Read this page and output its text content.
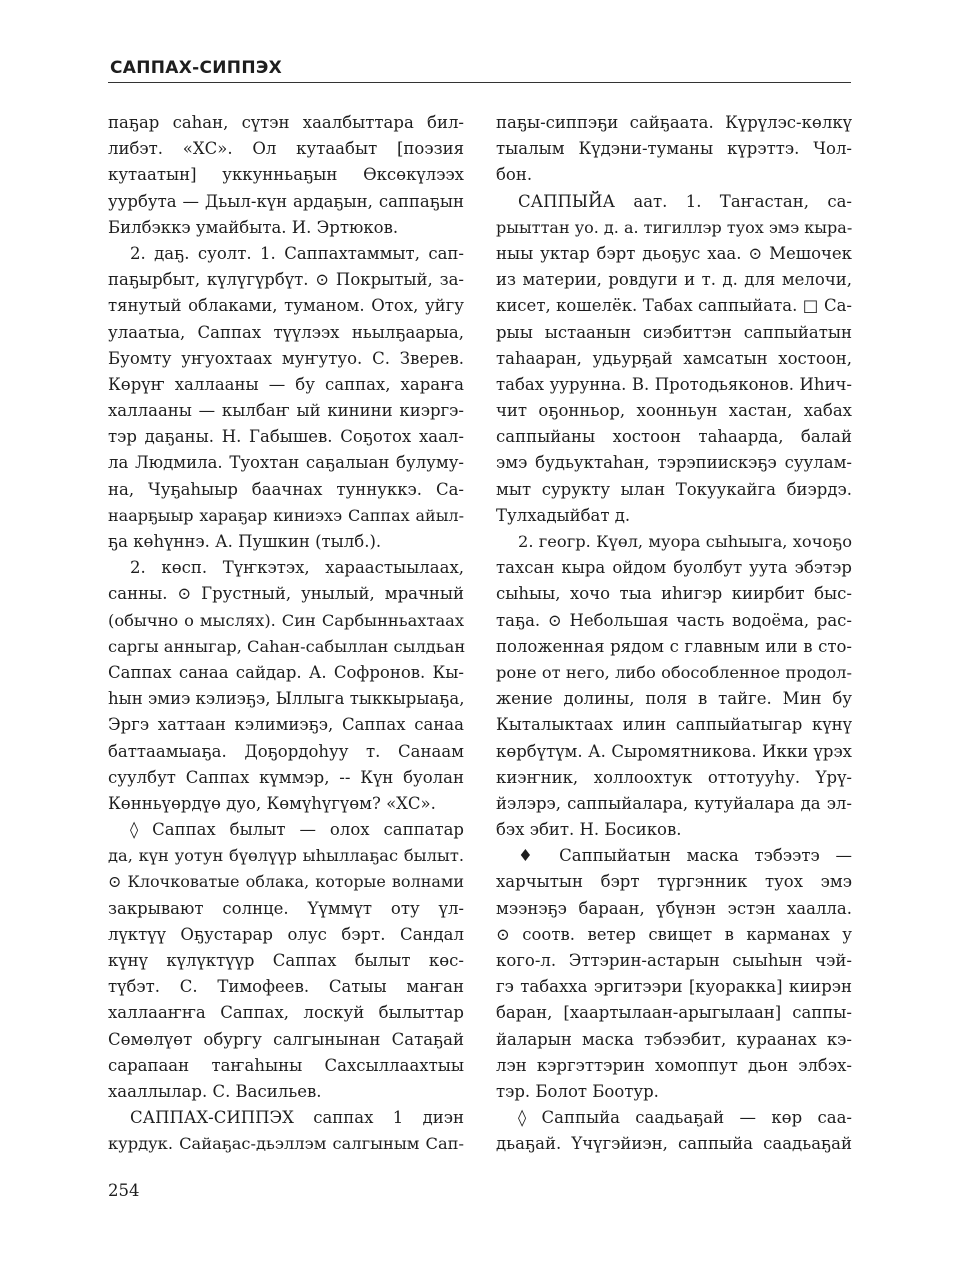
САППАХ-СИППЭХ
паҕар саһан, сүтэн хаалбыттара бил-
либэт. «ХС». Ол кутаабыт [поэзия
кутаатын] уккунньаҕын Өксөкүлээх
уурбута — Дьыл-күн ардаҕын, саппаҕын
Билбэккэ умайбыта. И. Эртюков.
2. даҕ. суолт. 1. Саппахтаммыт, сап-
паҕырбыт, күлүгүрбүт. ⊙ Покрытый, за-
тянутый облаками, туманом. Отох, уйгу
улаатыа, Саппах түүлээх ньылҕаарыа,
Буомту уҥуохтаах муҥутуо. С. Зверев.
Көрүҥ халлааны — бу саппах, хараҥа
халлааны — кылбаҥ ый кинини киэргэ-
тэр даҕаны. Н. Габышев. Соҕотох хаал-
ла Людмила. Туохтан саҕалыан булуму-
на, Чуҕаһыыр баачнах туннуккэ. Са-
наарҕыыр хараҕар киниэхэ Саппах айыл-
ҕа көһүннэ. А. Пушкин (тылб.).
2. көсп. Түҥкэтэх, хараастыылаах,
санны. ⊙ Грустный, унылый, мрачный
(обычно о мыслях). Син Сарбынньахтаах
саргы анныгар, Саһан-сабыллан сылдьан
Саппах санаа сайдар. А. Софронов. Кы-
һын эмиэ кэлиэҕэ, Ыллыга тыккырыаҕа,
Эргэ хаттаан кэлимиэҕэ, Саппах санаа
баттаамыаҕа. Доҕордоһуу т. Санаам
суулбут Саппах күммэр, -- Күн буолан
Көнньүөрдүө дуо, Көмүһүгүөм? «ХС».
◊ Саппах былыт — олох саппатар
да, күн уотун бүөлүүр ыһыллаҕас былыт.
⊙ Клочковатые облака, которые волнами
закрывают солнце. Үүммүт оту үл-
лүктүү Оҕустарар олус бэрт. Сандал
күнү күлүктүүр Саппах былыт көс-
түбэт. С. Тимофеев. Сатыы маҥан
халлааҥҥа Саппах, лоскуй былыттар
Сөмөлүөт обургу салгынынан Сатаҕай
сарапаан таҥаһыны Сахсыллаахтыы
хааллылар. С. Васильев.
САППАХ-СИППЭХ саппах 1 диэн
курдук. Сайаҕас-дьэллэм салгыным Сап-
паҕы-сиппэҕи сайҕаата. Күрүлэс-көлкү
тыалым Күдэни-туманы күрэттэ. Чол-
бон.
САППЫЙА аат. 1. Таҥастан, са-
рыыттан уо. д. а. тигиллэр туох эмэ кыра-
ныы уктар бэрт дьоҕус хаа. ⊙ Мешочек
из материи, ровдуги и т. д. для мелочи,
кисет, кошелёк. Табах саппыйата. □ Са-
рыы ыстаанын сиэбиттэн саппыйатын
таһааран, удьурҕай хамсатын хостоон,
табах уурунна. В. Протодьяконов. Иһич-
чит оҕонньор, хоонньун хастан, хабах
саппыйаны хостоон таһаарда, балай
эмэ будьуктаһан, тэрэпиискэҕэ суулам-
мыт сурукту ылан Токуукайга биэрдэ.
Тулхадыйбат д.
2. геогр. Күөл, муора сыһыыга, хочоҕо
тахсан кыра ойдом буолбут уута эбэтэр
сыһыы, хочо тыа иһигэр киирбит быс-
таҕа. ⊙ Небольшая часть водоёма, рас-
положенная рядом с главным или в сто-
роне от него, либо обособленное продол-
жение долины, поля в тайге. Мин бу
Кыталыктаах илин саппыйатыгар күнү
көрбүтүм. А. Сыромятникова. Икки үрэх
киэҥник, холлоохтук оттотууһу. Үрү-
йэлэрэ, саппыйалара, кутуйалара да эл-
бэх эбит. Н. Босиков.
♦ Саппыйатын маска тэбээтэ —
харчытын бэрт түргэнник туох эмэ
мээнэҕэ бараан, үбүнэн эстэн хаалла.
⊙ соотв. ветер свищет в карманах у
кого-л. Эттэрин-астарын сыыһын чэй-
гэ табахха эргитээри [куоракка] киирэн
баран, [хаартылаан-арыгылаан] саппы-
йаларын маска тэбээбит, кураанах кэ-
лэн кэргэттэрин хомоппут дьон элбэх-
тэр. Болот Боотур.
◊ Саппыйа саадьаҕай — көр саа-
дьаҕай. Үчүгэйиэн, саппыйа саадьаҕай
254
